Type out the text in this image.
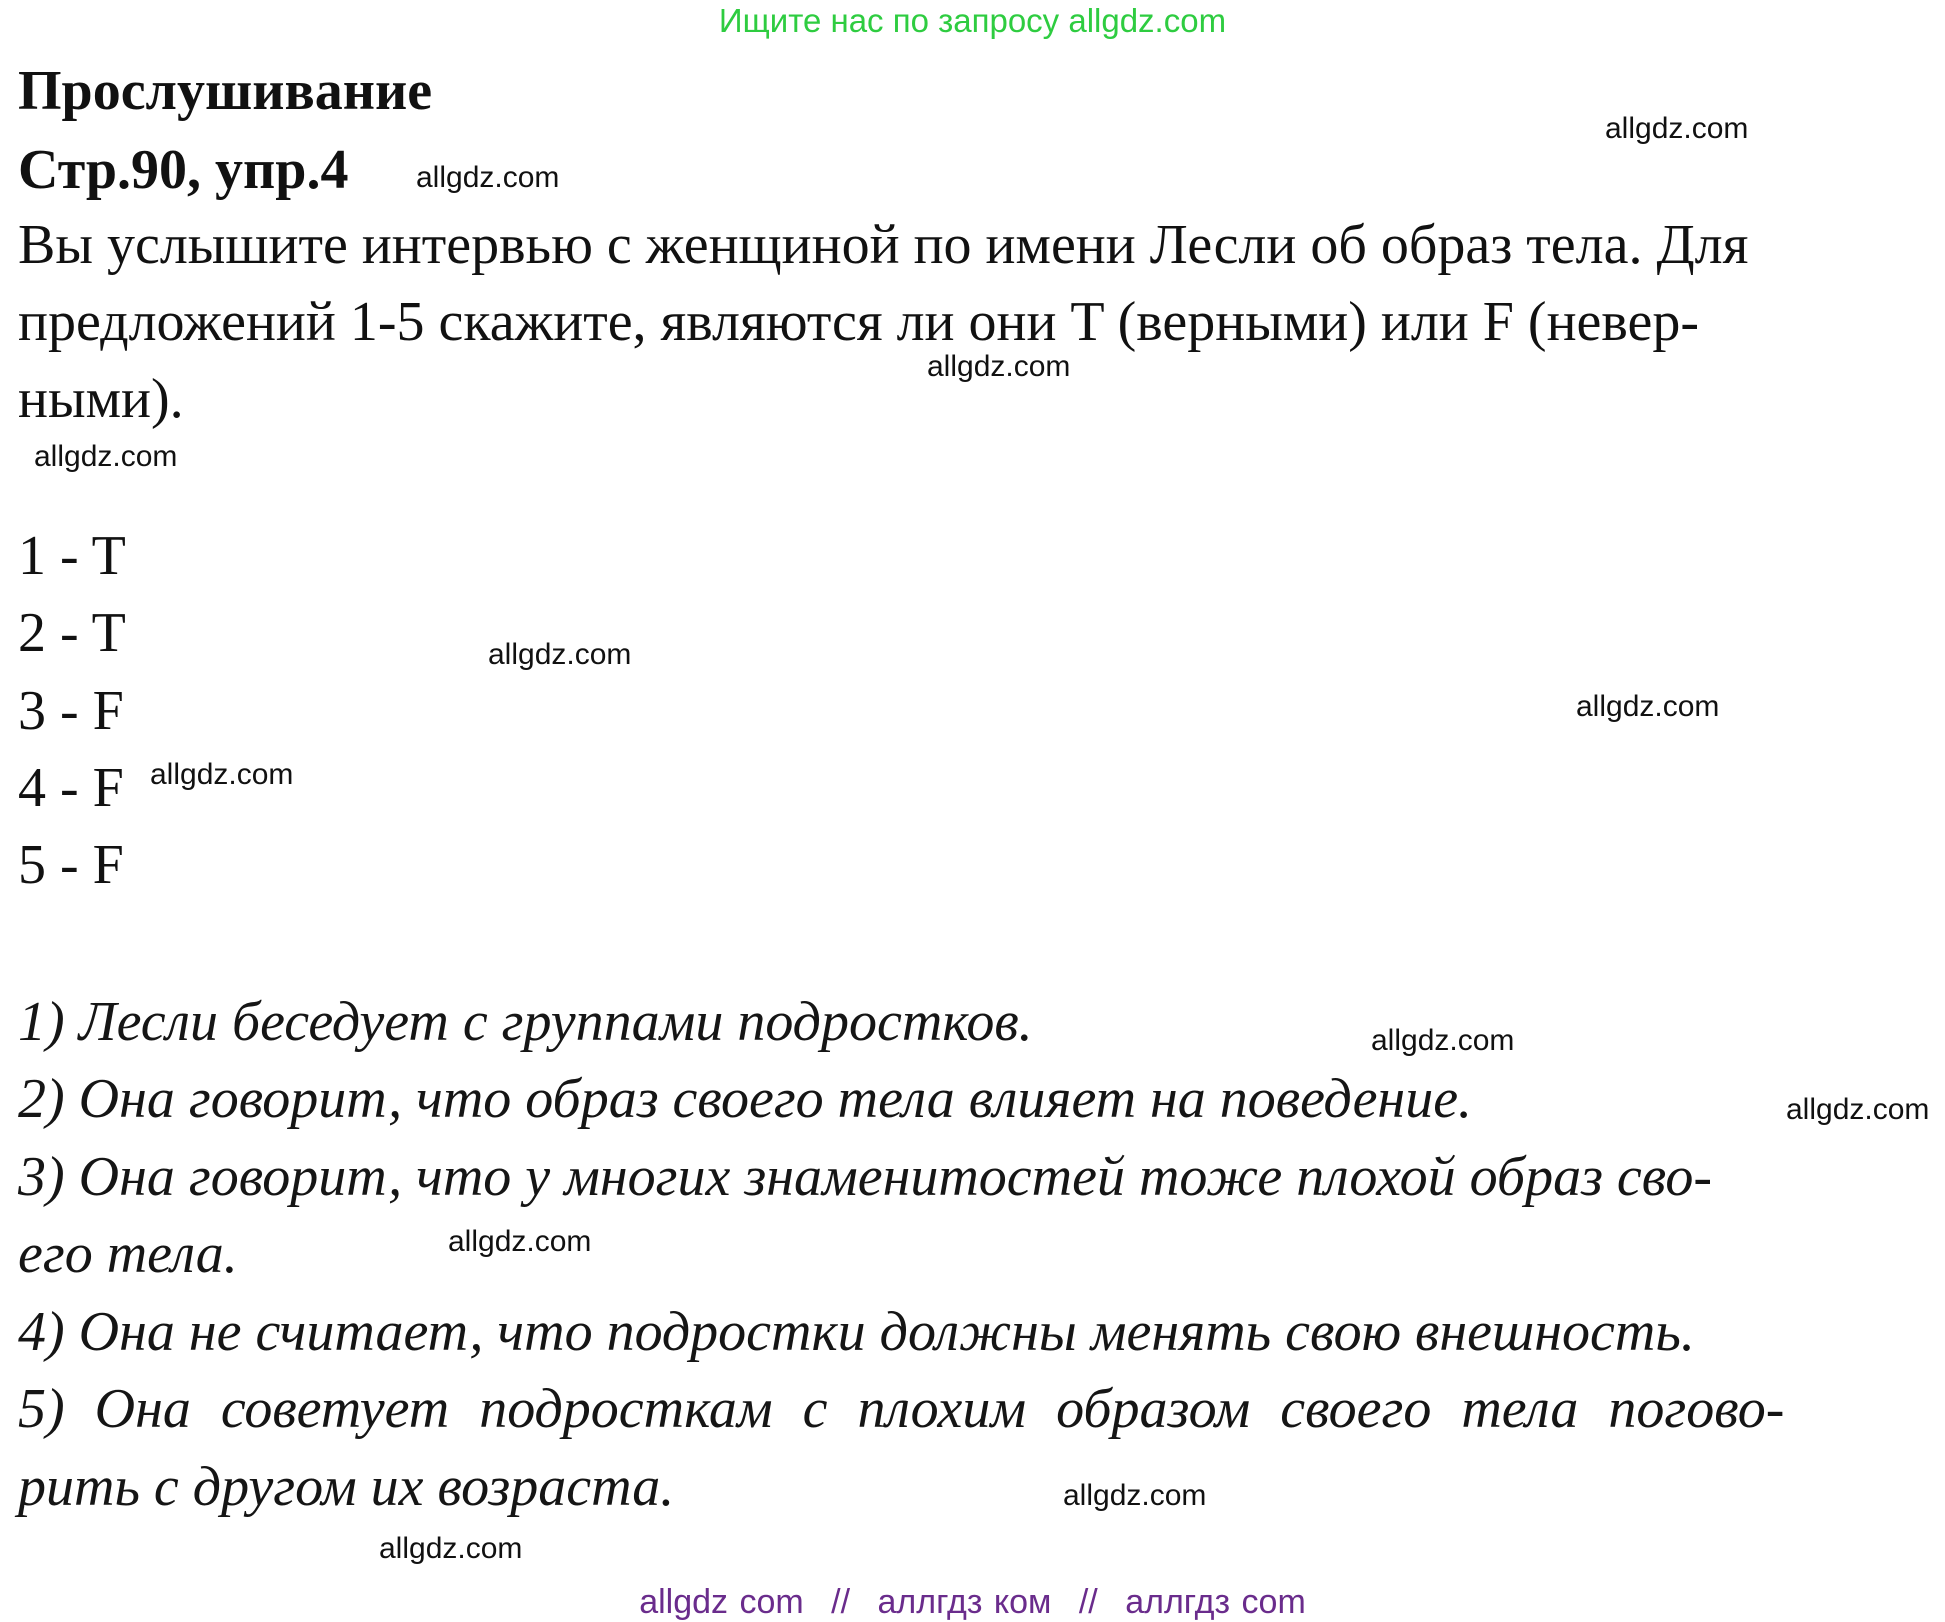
Ищите нас по запросу allgdz.com
Прослушивание
Стр.90, упр.4

Вы услышите интервью с женщиной по имени Лесли об образ тела. Для

предложений 1-5 скажите, являются ли они T (верными) или F (невер-

ными).

1 - T

2 - T

3 - F

4 - F

5 - F

1) Лесли беседует с группами подростков.

2) Она говорит, что образ своего тела влияет на поведение.

3) Она говорит, что у многих знаменитостей тоже плохой образ сво-

его тела.

4) Она не считает, что подростки должны менять свою внешность.

5) Она советует подросткам с плохим образом своего тела погово-

рить с другом их возраста.

allgdz.com
allgdz.com
allgdz.com
allgdz.com
allgdz.com
allgdz.com
allgdz.com
allgdz.com
allgdz.com
allgdz.com
allgdz.com
allgdz.com
allgdz com // аллгдз ком // аллгдз com
